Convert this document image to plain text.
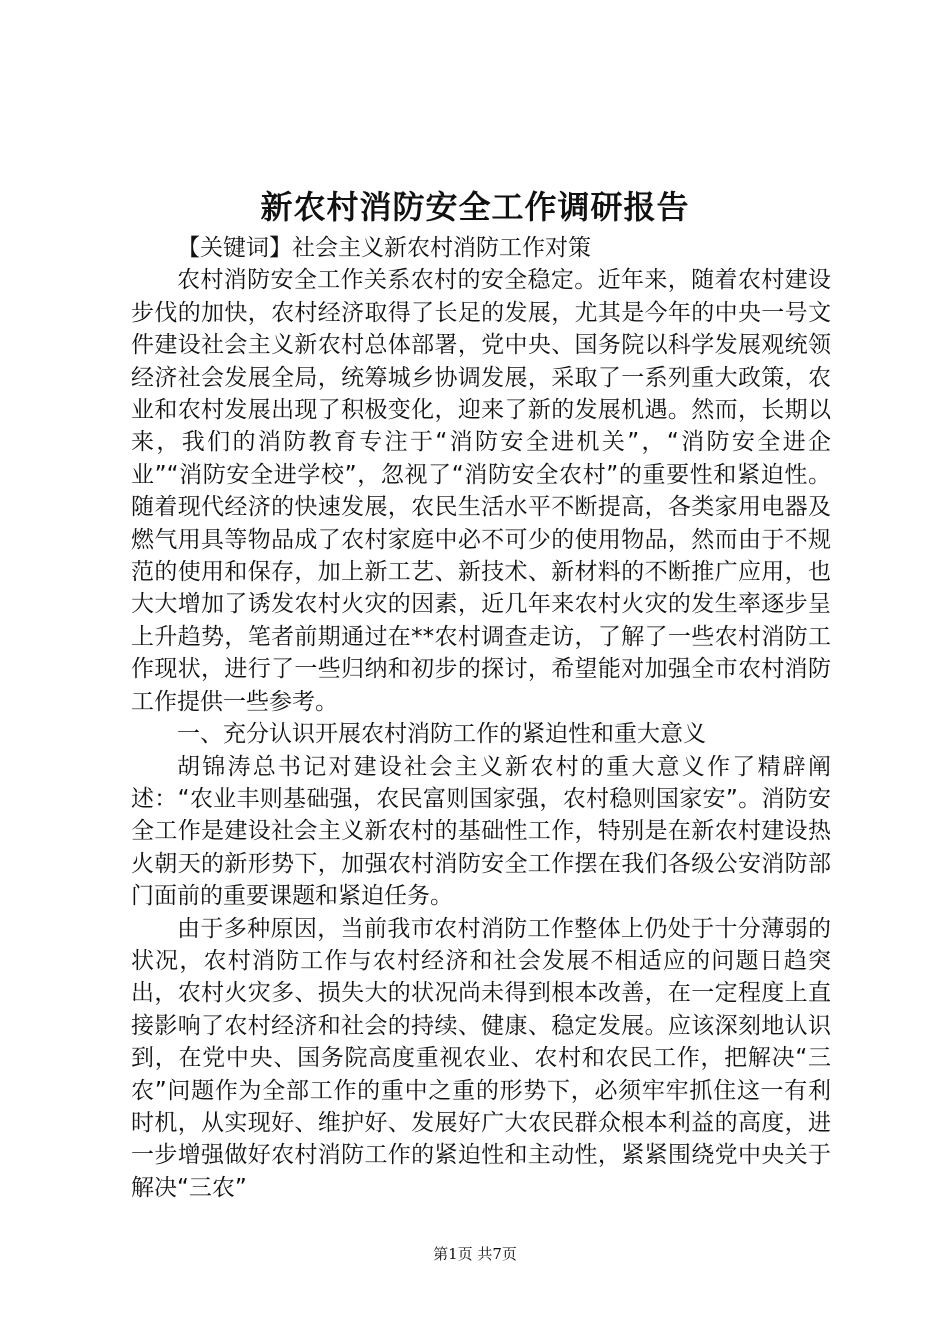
新农村消防安全工作调研报告

【关键词】社会主义新农村消防工作对策

农村消防安全工作关系农村的安全稳定。近年来，随着农村建设步伐的加快，农村经济取得了长足的发展，尤其是今年的中央一号文件建设社会主义新农村总体部署，党中央、国务院以科学发展观统领经济社会发展全局，统筹城乡协调发展，采取了一系列重大政策，农业和农村发展出现了积极变化，迎来了新的发展机遇。然而，长期以来，我们的消防教育专注于“消防安全进机关”，“消防安全进企业”“消防安全进学校”，忽视了“消防安全农村”的重要性和紧迫性。随着现代经济的快速发展，农民生活水平不断提高，各类家用电器及燃气用具等物品成了农村家庭中必不可少的使用物品，然而由于不规范的使用和保存，加上新工艺、新技术、新材料的不断推广应用，也大大增加了诱发农村火灾的因素，近几年来农村火灾的发生率逐步呈上升趋势，笔者前期通过在**农村调查走访，了解了一些农村消防工作现状，进行了一些归纳和初步的探讨，希望能对加强全市农村消防工作提供一些参考。

一、充分认识开展农村消防工作的紧迫性和重大意义

胡锦涛总书记对建设社会主义新农村的重大意义作了精辟阐述：“农业丰则基础强，农民富则国家强，农村稳则国家安”。消防安全工作是建设社会主义新农村的基础性工作，特别是在新农村建设热火朝天的新形势下，加强农村消防安全工作摆在我们各级公安消防部门面前的重要课题和紧迫任务。

由于多种原因，当前我市农村消防工作整体上仍处于十分薄弱的状况，农村消防工作与农村经济和社会发展不相适应的问题日趋突出，农村火灾多、损失大的状况尚未得到根本改善，在一定程度上直接影响了农村经济和社会的持续、健康、稳定发展。应该深刻地认识到，在党中央、国务院高度重视农业、农村和农民工作，把解决“三农”问题作为全部工作的重中之重的形势下，必须牢牢抓住这一有利时机，从实现好、维护好、发展好广大农民群众根本利益的高度，进一步增强做好农村消防工作的紧迫性和主动性，紧紧围绕党中央关于解决“三农”

第1页 共7页
